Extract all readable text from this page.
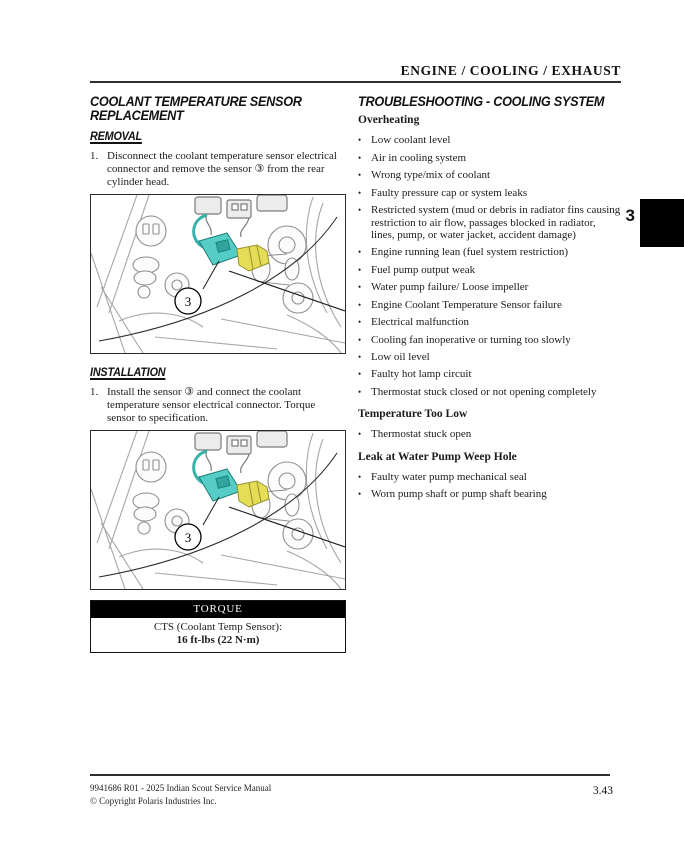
ENGINE / COOLING / EXHAUST
3
COOLANT TEMPERATURE SENSOR REPLACEMENT
REMOVAL
1. Disconnect the coolant temperature sensor electrical connector and remove the sensor ③ from the rear cylinder head.
3
INSTALLATION
1. Install the sensor ③ and connect the coolant temperature sensor electrical connector. Torque sensor to specification.
TORQUE
CTS (Coolant Temp Sensor):
16 ft-lbs (22 N·m)
TROUBLESHOOTING - COOLING SYSTEM
Overheating
• Low coolant level
• Air in cooling system
• Wrong type/mix of coolant
• Faulty pressure cap or system leaks
• Restricted system (mud or debris in radiator fins causing restriction to air flow, passages blocked in radiator, lines, pump, or water jacket, accident damage)
• Engine running lean (fuel system restriction)
• Fuel pump output weak
• Water pump failure/ Loose impeller
• Engine Coolant Temperature Sensor failure
• Electrical malfunction
• Cooling fan inoperative or turning too slowly
• Low oil level
• Faulty hot lamp circuit
• Thermostat stuck closed or not opening completely
Temperature Too Low
• Thermostat stuck open
Leak at Water Pump Weep Hole
• Faulty water pump mechanical seal
• Worn pump shaft or pump shaft bearing
9941686 R01 - 2025 Indian Scout Service Manual
© Copyright Polaris Industries Inc.
3.43
